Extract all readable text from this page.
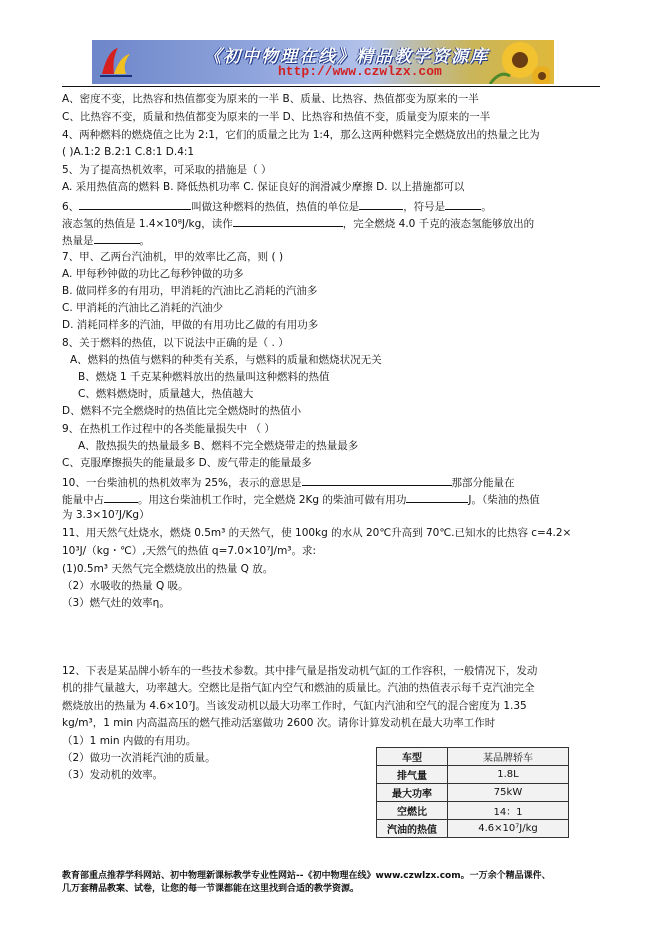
《初中物理在线》精品教学资源库
http://www.czwlzx.com
A、密度不变，比热容和热值都变为原来的一半 B、质量、比热容、热值都变为原来的一半
C、比热容不变，质量和热值都变为原来的一半 D、比热容和热值不变，质量变为原来的一半
4、两种燃料的燃烧值之比为 2:1，它们的质量之比为 1:4，那么这两种燃料完全燃烧放出的热量之比为
( )A.1:2 B.2:1 C.8:1 D.4:1
5、为了提高热机效率，可采取的措施是（ ）
A. 采用热值高的燃料 B. 降低热机功率 C. 保证良好的润滑减少摩擦 D. 以上措施都可以
6、	叫做这种燃料的热值，热值的单位是	，符号是	。
液态氢的热值是 1.4×10⁸J/kg，读作	，完全燃烧 4.0 千克的液态氢能够放出的
热量是	。
7、甲、乙两台汽油机，甲的效率比乙高，则 ( )
A. 甲每秒钟做的功比乙每秒钟做的功多
B. 做同样多的有用功，甲消耗的汽油比乙消耗的汽油多
C. 甲消耗的汽油比乙消耗的汽油少
D. 消耗同样多的汽油，甲做的有用功比乙做的有用功多
8、关于燃料的热值，以下说法中正确的是（ . ）
A、燃料的热值与燃料的种类有关系，与燃料的质量和燃烧状况无关
B、燃烧 1 千克某种燃料放出的热量叫这种燃料的热值
C、燃料燃烧时，质量越大，热值越大
D、燃料不完全燃烧时的热值比完全燃烧时的热值小
9、在热机工作过程中的各类能量损失中 （ ）
A、散热损失的热量最多 B、燃料不完全燃烧带走的热量最多
C、克服摩擦损失的能量最多 D、废气带走的能量最多
10、一台柴油机的热机效率为 25%，表示的意思是	那部分能量在
能量中占	。用这台柴油机工作时，完全燃烧 2Kg 的柴油可做有用功	J。（柴油的热值
为 3.3×10⁷J/Kg）
11、用天然气灶烧水，燃烧 0.5m³ 的天然气，使 100kg 的水从 20℃升高到 70℃.已知水的比热容 c=4.2×
10³J/（kg・℃）,天然气的热值 q=7.0×10⁷J/m³。求:
(1)0.5m³ 天然气完全燃烧放出的热量 Q 放。
（2）水吸收的热量 Q 吸。
（3）燃气灶的效率η。
12、下表是某品牌小轿车的一些技术参数。其中排气量是指发动机气缸的工作容积，一般情况下，发动
机的排气量越大，功率越大。空燃比是指气缸内空气和燃油的质量比。汽油的热值表示每千克汽油完全
燃烧放出的热量为 4.6×10⁷J。当该发动机以最大功率工作时，气缸内汽油和空气的混合密度为 1.35
kg/m³，1 min 内高温高压的燃气推动活塞做功 2600 次。请你计算发动机在最大功率工作时
（1）1 min 内做的有用功。
（2）做功一次消耗汽油的质量。
（3）发动机的效率。
车型	某品牌轿车
排气量	1.8L
最大功率	75kW
空燃比	14：1
汽油的热值	4.6×10⁷J/kg
教育部重点推荐学科网站、初中物理新课标教学专业性网站--《初中物理在线》www.czwlzx.com。一万余个精品课件、
几万套精品教案、试卷，让您的每一节课都能在这里找到合适的教学资源。
